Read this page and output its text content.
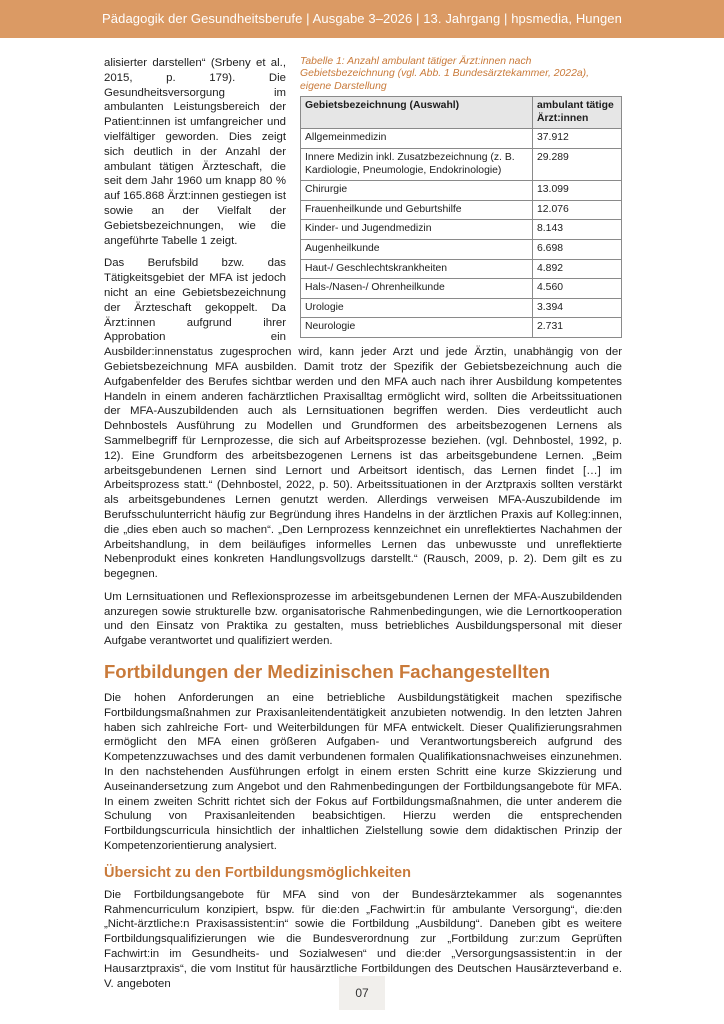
Pädagogik der Gesundheitsberufe | Ausgabe 3–2026 | 13. Jahrgang | hpsmedia, Hungen

Tabelle 1: Anzahl ambulant tätiger Ärzt:innen nach Gebietsbezeichnung (vgl. Abb. 1 Bundesärztekammer, 2022a), eigene Darstellung

Gebietsbezeichnung (Auswahl)	ambulant tätige Ärzt:innen
Allgemeinmedizin	37.912
Innere Medizin inkl. Zusatzbezeichnung (z. B. Kardiologie, Pneumologie, Endokrinologie)	29.289
Chirurgie	13.099
Frauenheilkunde und Geburtshilfe	12.076
Kinder- und Jugendmedizin	8.143
Augenheilkunde	6.698
Haut-/ Geschlechtskrankheiten	4.892
Hals-/Nasen-/ Ohrenheilkunde	4.560
Urologie	3.394
Neurologie	2.731

alisierter darstellen“ (Srbeny et al., 2015, p. 179). Die Gesundheitsversorgung im ambulanten Leistungsbereich der Patient:innen ist umfangreicher und vielfältiger geworden. Dies zeigt sich deutlich in der Anzahl der ambulant tätigen Ärzteschaft, die seit dem Jahr 1960 um knapp 80 % auf 165.868 Ärzt:innen gestiegen ist sowie an der Vielfalt der Gebietsbezeichnungen, wie die angeführte Tabelle 1 zeigt.

Das Berufsbild bzw. das Tätigkeitsgebiet der MFA ist jedoch nicht an eine Gebietsbezeichnung der Ärzteschaft gekoppelt. Da Ärzt:innen aufgrund ihrer Approbation ein Ausbilder:innenstatus zugesprochen wird, kann jeder Arzt und jede Ärztin, unabhängig von der Gebietsbezeichnung MFA ausbilden. Damit trotz der Spezifik der Gebietsbezeichnung auch die Aufgabenfelder des Berufes sichtbar werden und den MFA auch nach ihrer Ausbildung kompetentes Handeln in einem anderen fachärztlichen Praxisalltag ermöglicht wird, sollten die Arbeitssituationen der MFA-Auszubildenden auch als Lernsituationen begriffen werden. Dies verdeutlicht auch Dehnbostels Ausführung zu Modellen und Grundformen des arbeitsbezogenen Lernens als Sammelbegriff für Lernprozesse, die sich auf Arbeitsprozesse beziehen. (vgl. Dehnbostel, 1992, p. 12). Eine Grundform des arbeitsbezogenen Lernens ist das arbeitsgebundene Lernen. „Beim arbeitsgebundenen Lernen sind Lernort und Arbeitsort identisch, das Lernen findet […] im Arbeitsprozess statt.“ (Dehnbostel, 2022, p. 50). Arbeitssituationen in der Arztpraxis sollten verstärkt als arbeitsgebundenes Lernen genutzt werden. Allerdings verweisen MFA-Auszubildende im Berufsschulunterricht häufig zur Begründung ihres Handelns in der ärztlichen Praxis auf Kolleg:innen, die „dies eben auch so machen“. „Den Lernprozess kennzeichnet ein unreflektiertes Nachahmen der Arbeitshandlung, in dem beiläufiges informelles Lernen das unbewusste und unreflektierte Nebenprodukt eines konkreten Handlungsvollzugs darstellt.“ (Rausch, 2009, p. 2). Dem gilt es zu begegnen.

Um Lernsituationen und Reflexionsprozesse im arbeitsgebundenen Lernen der MFA-Auszubildenden anzuregen sowie strukturelle bzw. organisatorische Rahmenbedingungen, wie die Lernortkooperation und den Einsatz von Praktika zu gestalten, muss betriebliches Ausbildungspersonal mit dieser Aufgabe verantwortet und qualifiziert werden.

Fortbildungen der Medizinischen Fachangestellten

Die hohen Anforderungen an eine betriebliche Ausbildungstätigkeit machen spezifische Fortbildungsmaßnahmen zur Praxisanleitendentätigkeit anzubieten notwendig. In den letzten Jahren haben sich zahlreiche Fort- und Weiterbildungen für MFA entwickelt. Dieser Qualifizierungsrahmen ermöglicht den MFA einen größeren Aufgaben- und Verantwortungsbereich aufgrund des Kompetenzzuwachses und des damit verbundenen formalen Qualifikationsnachweises einzunehmen. In den nachstehenden Ausführungen erfolgt in einem ersten Schritt eine kurze Skizzierung und Auseinandersetzung zum Angebot und den Rahmenbedingungen der Fortbildungsangebote für MFA. In einem zweiten Schritt richtet sich der Fokus auf Fortbildungsmaßnahmen, die unter anderem die Schulung von Praxisanleitenden beabsichtigen. Hierzu werden die entsprechenden Fortbildungscurricula hinsichtlich der inhaltlichen Zielstellung sowie dem didaktischen Prinzip der Kompetenzorientierung analysiert.

Übersicht zu den Fortbildungsmöglichkeiten

Die Fortbildungsangebote für MFA sind von der Bundesärztekammer als sogenanntes Rahmencurriculum konzipiert, bspw. für die:den „Fachwirt:in für ambulante Versorgung“, die:den „Nicht-ärztliche:n Praxisassistent:in“ sowie die Fortbildung „Ausbildung“. Daneben gibt es weitere Fortbildungsqualifizierungen wie die Bundesverordnung zur „Fortbildung zur:zum Geprüften Fachwirt:in im Gesundheits- und Sozialwesen“ und die:der „Versorgungsassistent:in in der Hausarztpraxis“, die vom Institut für hausärztliche Fortbildungen des Deutschen Hausärzteverband e. V. angeboten

07
